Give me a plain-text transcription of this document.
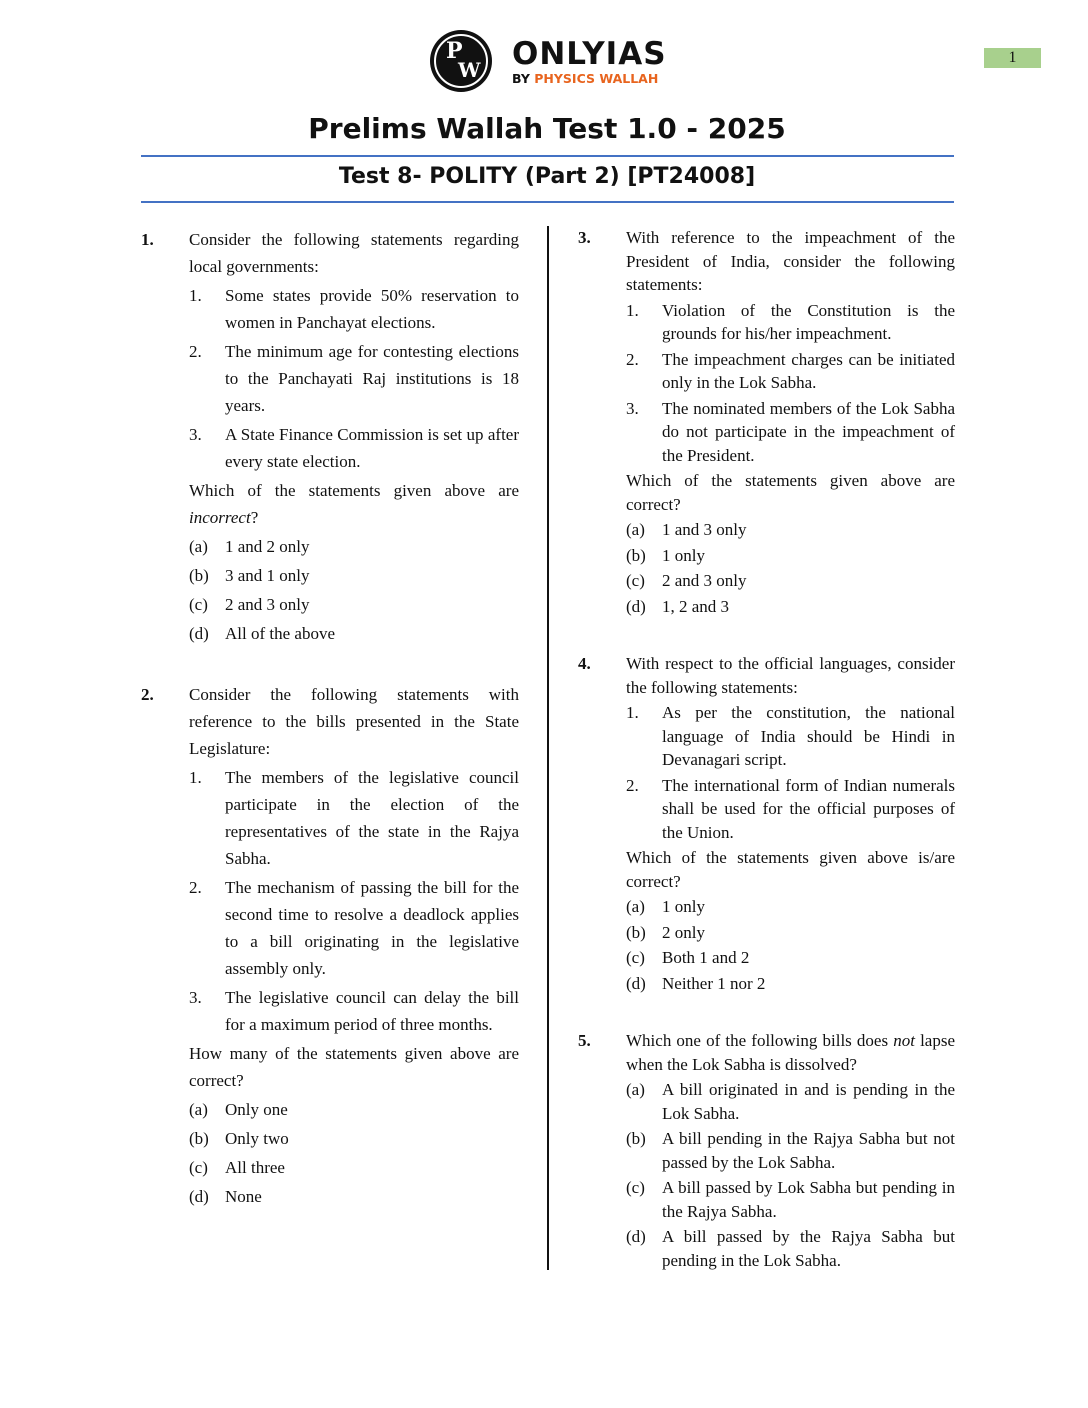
1
P
W ONLYIAS
BY PHYSICS WALLAH
Prelims Wallah Test 1.0 - 2025
Test 8- POLITY (Part 2) [PT24008]
1.	Consider the following statements regarding local governments:
1.	Some states provide 50% reservation to women in Panchayat elections.
2.	The minimum age for contesting elections to the Panchayati Raj institutions is 18 years.
3.	A State Finance Commission is set up after every state election.
Which of the statements given above are incorrect?
(a)	1 and 2 only
(b) 3 and 1 only
(c)	2 and 3 only
(d) All of the above
2.	Consider the following statements with reference to the bills presented in the State Legislature:
1.	The members of the legislative council participate in the election of the representatives of the state in the Rajya Sabha.
2.	The mechanism of passing the bill for the second time to resolve a deadlock applies to a bill originating in the legislative assembly only.
3.	The legislative council can delay the bill for a maximum period of three months.
How many of the statements given above are correct?
(a)	Only one
(b) Only two
(c)	All three
(d) None
3.	With reference to the impeachment of the President of India, consider the following statements:
1.	Violation of the Constitution is the grounds for his/her impeachment.
2.	The impeachment charges can be initiated only in the Lok Sabha.
3.	The nominated members of the Lok Sabha do not participate in the impeachment of the President.
Which of the statements given above are correct?
(a)	1 and 3 only
(b) 1 only
(c)	2 and 3 only
(d) 1, 2 and 3
4.	With respect to the official languages, consider the following statements:
1.	As per the constitution, the national language of India should be Hindi in Devanagari script.
2.	The international form of Indian numerals shall be used for the official purposes of the Union.
Which of the statements given above is/are correct?
(a)	1 only
(b) 2 only
(c)	Both 1 and 2
(d) Neither 1 nor 2
5.	Which one of the following bills does not lapse when the Lok Sabha is dissolved?
(a)	A bill originated in and is pending in the Lok Sabha.
(b) A bill pending in the Rajya Sabha but not passed by the Lok Sabha.
(c)	A bill passed by Lok Sabha but pending in the Rajya Sabha.
(d) A bill passed by the Rajya Sabha but pending in the Lok Sabha.
